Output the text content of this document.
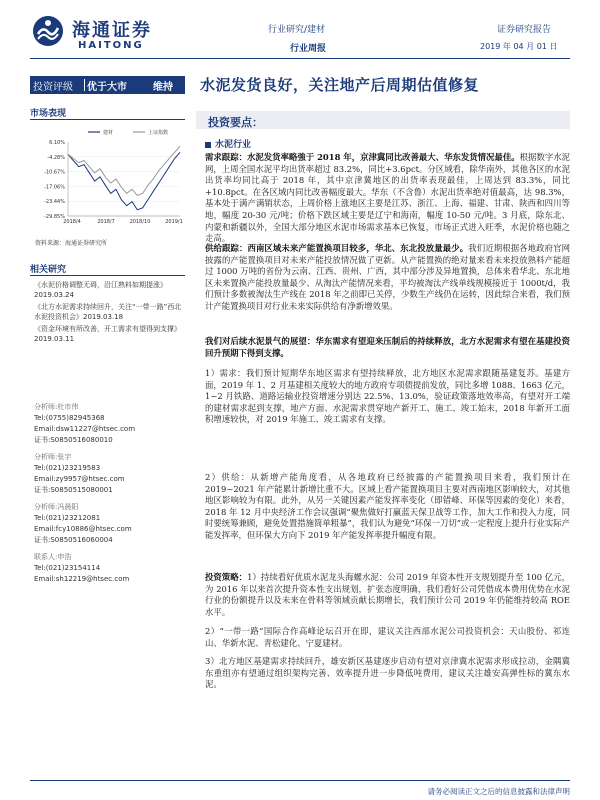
海通证券
HAITONG
行业研究/建材
行业周报
证券研究报告
2019 年 04 月 01 日
投资评级	优于大市	维持 水泥发货良好，关注地产后周期估值修复
市场表现
建材	上证指数
6.10%
-4.28%
-10.67%
-17.06%
-23.44%
-29.85%
2018/4	2018/7	2018/10	2019/1
资料来源：海通证券研究所
相关研究
《水泥价格调整无碍，沿江熟料如期提涨》2019.03.24
《北方水泥需求持续回升，关注“一带一路”西北水泥投资机会》2019.03.18
《资金环境有所改善，开工需求有望得到支撑》2019.03.11
分析师:杜市伟
Tel:(0755)82945368
Email:dsw11227@htsec.com
证书:S0850516080010
分析师:张宇
Tel:(021)23219583
Email:zy9957@htsec.com
证书:S0850515080001
分析师:冯晨阳
Tel:(021)23212081
Email:fcy10886@htsec.com
证书:S0850516060004
联系人:申浩
Tel:(021)23154114
Email:sh12219@htsec.com
投资要点：
水泥行业

需求跟踪：水泥发货率略強于 2018 年，京津冀同比改善最大、华东发货情况最佳。根据数字水泥网，上周全国水泥平均出货率超过 83.2%，同比+3.6pct。分区域看，除华南外，其他各区的水泥出货率均同比高于 2018 年，其中京津冀地区的出货率表现最佳，上周达到 83.3%，同比+10.8pct。在各区域内同比改善幅度最大。华东（不含鲁）水泥出货率绝对值最高，达 98.3%，基本处于满产满销状态，上周价格上涨地区主要是江苏、浙江、上海、福建、甘肃、陕西和四川等地，幅度 20-30 元/吨；价格下跌区域主要是辽宁和海南，幅度 10-50 元/吨。3 月底，除东北、内蒙和新疆以外，全国大部分地区水泥市场需求基本已恢复，市场正式进入旺季，水泥价格也随之走高。

供给跟踪：西南区域未来产能置换项目较多，华北、东北投放量最少。我们近期根据各地政府官网披露的产能置换项目对未来产能投放情况做了更新。从产能置换的绝对量来看未来投放熟料产能超过 1000 万吨的省份为云南、江西、贵州、广西，其中部分涉及异地置换，总体来看华北、东北地区未来置换产能投放量最少、从淘汰产能情况来看，平均被淘汰产线单线规模接近于 1000t/d，我们预计多数被淘汰生产线在 2018 年之前即已关停，少数生产线仍在运转，因此综合来看，我们预计产能置换项目对行业未来实际供给有净新增效果。

我们对后续水泥景气的展望：华东需求有望迎来压制后的持续释放，北方水泥需求有望在基建投资回升预期下得到支撑。

1）需求：我们预计短期华东地区需求有望持续释放，北方地区水泥需求跟随基建复苏。基建方面，2019 年 1、2 月基建相关度较大的地方政府专项债提前发放，同比多增 1088、1663 亿元，1~2 月铁路、道路运输业投资增速分别达 22.5%、13.0%，验证政策落地效率高，有望对开工端的建材需求起到支撑，地产方面、水泥需求贯穿地产新开工、施工、竣工始末，2018 年新开工面积增速较快，对 2019 年施工、竣工需求有支撑。

2）供给：从新增产能角度看，从各地政府已经披露的产能置换项目来看，我们预计在 2019~2021 年产能累计新增比重不大。区域上看产能置换项目主要对西南地区影响较大，对其他地区影响较为有限。此外，从另一关键因素产能发挥率变化（即错峰、环保等因素的变化）来看，2018 年 12 月中央经济工作会议强调“聚焦做好打赢蓝天保卫战等工作，加大工作和投入力度，同时要统筹兼顾，避免处置措施简单粗暴”，我们认为避免“环保一刀切”或一定程度上提升行业实际产能发挥率，但环保大方向下 2019 年产能发挥率提升幅度有限。

投资策略：1）持续看好优质水泥龙头海螺水泥：公司 2019 年资本性开支规划提升至 100 亿元，为 2016 年以来首次提升资本性支出规划，扩张态度明确，我们看好公司凭借成本费用优势在水泥行业的份额提升以及未来在骨料等领域贡献长期增长，我们预计公司 2019 年仍能维持较高 ROE 水平。

2）“一带一路”国际合作高峰论坛召开在即，建议关注西部水泥公司投资机会：天山股份、祁连山、华新水泥、青松建化、宁夏建材。

3）北方地区基建需求持续回升，雄安新区基建逐步启动有望对京津冀水泥需求形成拉动，金隅冀东重组亦有望通过组织架构完善、效率提升进一步降低吨费用，建议关注雄安高弹性标的冀东水泥。

请务必阅读正文之后的信息披露和法律声明
